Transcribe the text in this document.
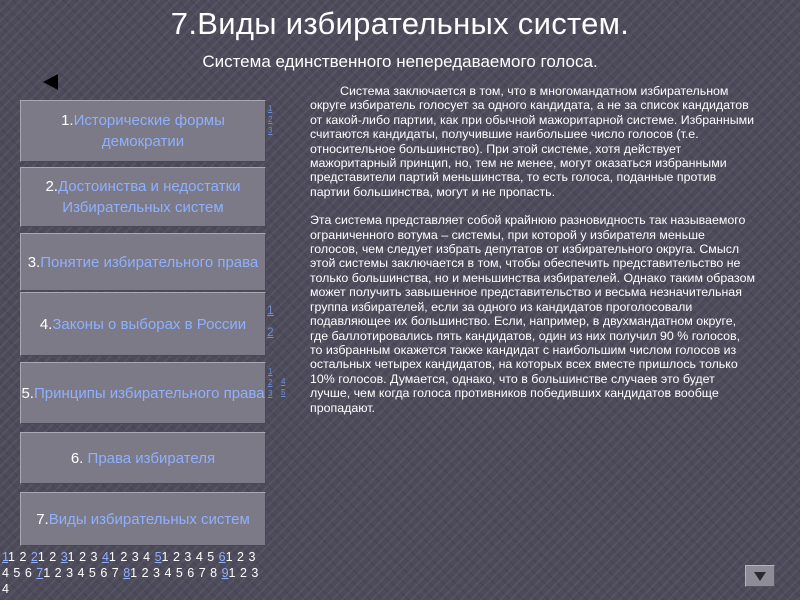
7.Виды избирательных систем.
Система единственного непередаваемого голоса.
1.Исторические формы демократии
2.Достоинства и недостатки Избирательных систем
3.Понятие избирательного права
4.Законы о выборах в России
5.Принципы избирательного права
6. Права избирателя
7.Виды избирательных систем
1
2
3
1
2
1
2
3
4
5

Система заключается в том, что в многомандатном избирательном округе избиратель голосует за одного кандидата, а не за список кандидатов от какой-либо партии, как при обычной мажоритарной системе. Избранными считаются кандидаты, получившие наибольшее число голосов (т.е. относительное большинство). При этой системе, хотя действует мажоритарный принцип, но, тем не менее, могут оказаться избранными представители партий меньшинства, то есть голоса, поданные против партии большинства, могут и не пропасть.

Эта система представляет собой крайнюю разновидность так называемого ограниченного вотума – системы, при которой у избирателя меньше голосов, чем следует избрать депутатов от избирательного округа. Смысл этой системы заключается в том, чтобы обеспечить представительство не только большинства, но и меньшинства избирателей. Однако таким образом может получить завышенное представительство и весьма незначительная группа избирателей, если за одного из кандидатов проголосовали подавляющее их большинство. Если, например, в двухмандатном округе, где баллотировались пять кандидатов, один из них получил 90 % голосов, то избранным окажется также кандидат с наибольшим числом голосов из остальных четырех кандидатов, на которых всех вместе пришлось только 10% голосов. Думается, однако, что в большинстве случаев это будет лучше, чем когда голоса противников победивших кандидатов вообще пропадают.

11 2 21 2 31 2 3 41 2 3 4 51 2 3 4 5 61 2 3 4 5 6 71 2 3 4 5 6 7 81 2 3 4 5 6 7 8 91 2 3 4
